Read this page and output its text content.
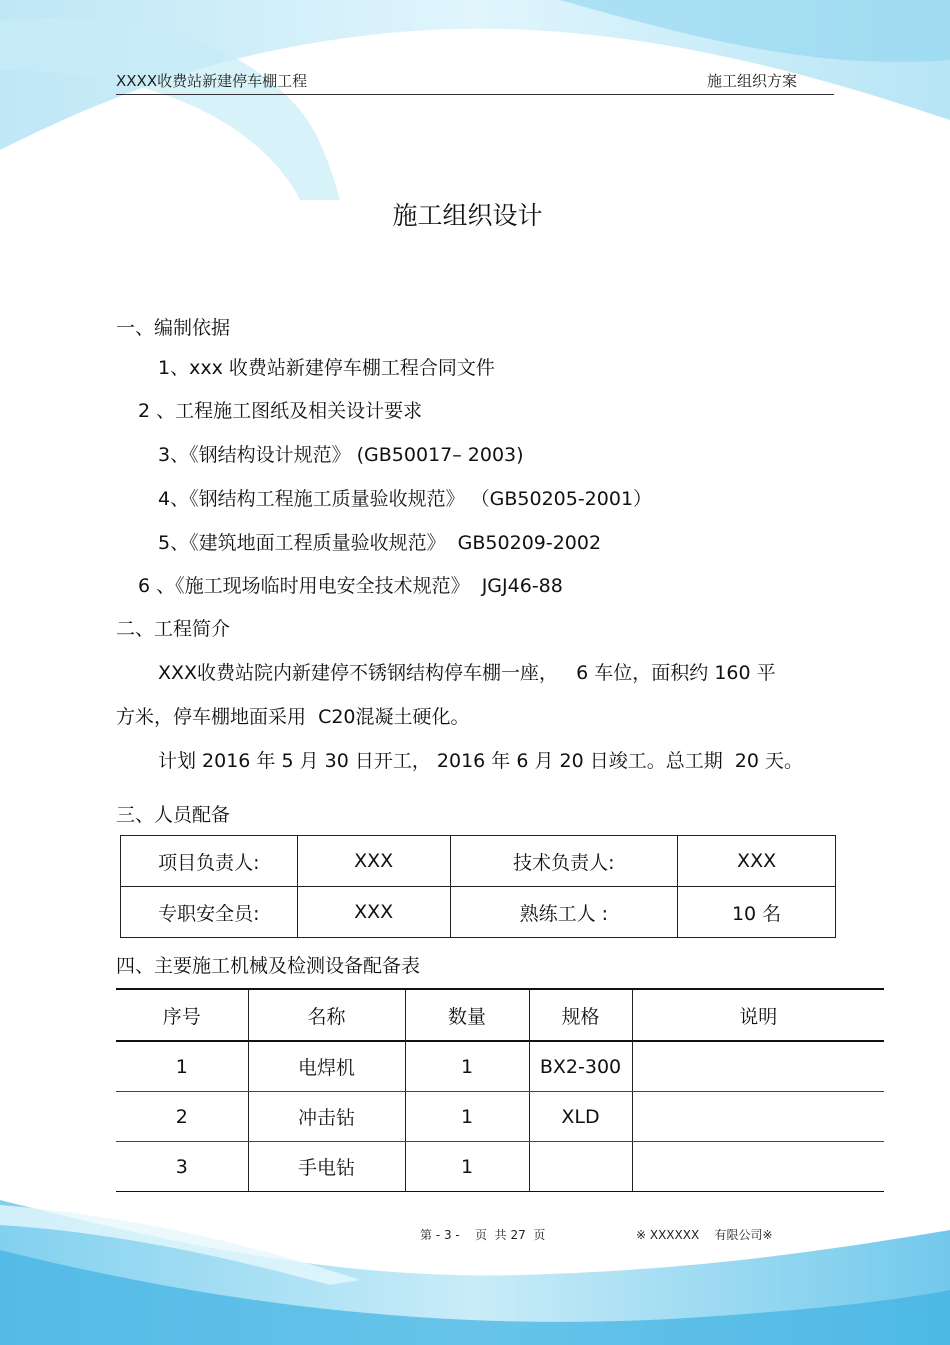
XXXX收费站新建停车棚工程	施工组织方案
施工组织设计
一、编制依据
1、xxx 收费站新建停车棚工程合同文件
2 、工程施工图纸及相关设计要求
3、《钢结构设计规范》 (GB50017– 2003)
4、《钢结构工程施工质量验收规范》 （GB50205-2001）
5、《建筑地面工程质量验收规范》  GB50209-2002
6 、《施工现场临时用电安全技术规范》  JGJ46-88
二、工程简介
XXX收费站院内新建停不锈钢结构停车棚一座，   6 车位，面积约 160 平
方米，停车棚地面采用  C20混凝土硬化。
计划 2016 年 5 月 30 日开工， 2016 年 6 月 20 日竣工。总工期  20 天。
三、人员配备
项目负责人:	XXX	技术负责人:	XXX
专职安全员:	XXX	熟练工人 :	10 名
四、主要施工机械及检测设备配备表
序号	名称	数量	规格	说明
1	电焊机	1	BX2-300	
2	冲击钻	1	XLD	
3	手电钻	1		
第 - 3 -    页  共 27  页	※ XXXXXX    有限公司※
